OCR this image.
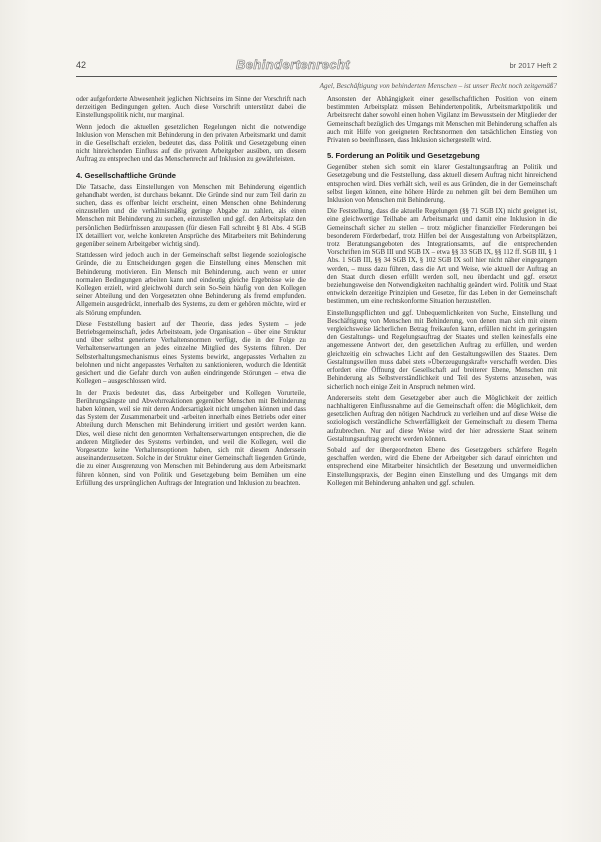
42	Behindertenrecht	br 2017 Heft 2
Agel, Beschäftigung von behinderten Menschen – ist unser Recht noch zeitgemäß?

oder aufgeforderte Abwesenheit jeglichen Nichtseins im Sinne der Vorschrift nach derzeitigen Bedingungen gelten. Auch diese Vorschrift unterstützt dabei die Einstellungspolitik nicht, nur marginal.

Wenn jedoch die aktuellen gesetzlichen Regelungen nicht die notwendige Inklusion von Menschen mit Behinderung in den privaten Arbeitsmarkt und damit in die Gesellschaft erzielen, bedeutet das, dass Politik und Gesetzgebung einen nicht hinreichenden Einfluss auf die privaten Arbeitgeber ausüben, um diesem Auftrag zu entsprechen und das Menschenrecht auf Inklusion zu gewährleisten.

4. Gesellschaftliche Gründe

Die Tatsache, dass Einstellungen von Menschen mit Behinderung eigentlich gehandhabt werden, ist durchaus bekannt. Die Gründe sind nur zum Teil darin zu suchen, dass es offenbar leicht erscheint, einen Menschen ohne Behinderung einzustellen und die verhältnismäßig geringe Abgabe zu zahlen, als einen Menschen mit Behinderung zu suchen, einzustellen und ggf. den Arbeitsplatz den persönlichen Bedürfnissen anzupassen (für diesen Fall schreibt § 81 Abs. 4 SGB IX detailliert vor, welche konkreten Ansprüche des Mitarbeiters mit Behinderung gegenüber seinem Arbeitgeber wichtig sind).

Stattdessen wird jedoch auch in der Gemeinschaft selbst liegende soziologische Gründe, die zu Entscheidungen gegen die Einstellung eines Menschen mit Behinderung motivieren. Ein Mensch mit Behinderung, auch wenn er unter normalen Bedingungen arbeiten kann und eindeutig gleiche Ergebnisse wie die Kollegen erzielt, wird gleichwohl durch sein So-Sein häufig von den Kollegen seiner Abteilung und den Vorgesetzten ohne Behinderung als fremd empfunden. Allgemein ausgedrückt, innerhalb des Systems, zu dem er gehören möchte, wird er als Störung empfunden.

Diese Feststellung basiert auf der Theorie, dass jedes System – jede Betriebsgemeinschaft, jedes Arbeitsteam, jede Organisation – über eine Struktur und über selbst generierte Verhaltensnormen verfügt, die in der Folge zu Verhaltenserwartungen an jedes einzelne Mitglied des Systems führen. Der Selbsterhaltungsmechanismus eines Systems bewirkt, angepasstes Verhalten zu belohnen und nicht angepasstes Verhalten zu sanktionieren, wodurch die Identität gesichert und die Gefahr durch von außen eindringende Störungen – etwa die Kollegen – ausgeschlossen wird.

In der Praxis bedeutet das, dass Arbeitgeber und Kollegen Vorurteile, Berührungsängste und Abwehrreaktionen gegenüber Menschen mit Behinderung haben können, weil sie mit deren Andersartigkeit nicht umgehen können und dass das System der Zusammenarbeit und -arbeiten innerhalb eines Betriebs oder einer Abteilung durch Menschen mit Behinderung irritiert und gestört werden kann. Dies, weil diese nicht den genormten Verhaltenserwartungen entsprechen, die die anderen Mitglieder des Systems verbinden, und weil die Kollegen, weil die Vorgesetzte keine Verhaltensoptionen haben, sich mit diesem Anderssein auseinanderzusetzen. Solche in der Struktur einer Gemeinschaft liegenden Gründe, die zu einer Ausgrenzung von Menschen mit Behinderung aus dem Arbeitsmarkt führen können, sind von Politik und Gesetzgebung beim Bemühen um eine Erfüllung des ursprünglichen Auftrags der Integration und Inklusion zu beachten.

Ansonsten der Abhängigkeit einer gesellschaftlichen Position von einem bestimmten Arbeitsplatz müssen Behindertenpolitik, Arbeitsmarktpolitik und Arbeitsrecht daher sowohl einen hohen Vigilanz im Bewusstsein der Mitglieder der Gemeinschaft bezüglich des Umgangs mit Menschen mit Behinderung schaffen als auch mit Hilfe von geeigneten Rechtsnormen den tatsächlichen Einstieg von Privaten so beeinflussen, dass Inklusion sichergestellt wird.

5. Forderung an Politik und Gesetzgebung

Gegenüber stehen sich somit ein klarer Gestaltungsauftrag an Politik und Gesetzgebung und die Feststellung, dass aktuell diesem Auftrag nicht hinreichend entsprochen wird. Dies verhält sich, weil es aus Gründen, die in der Gemeinschaft selbst liegen können, eine höhere Hürde zu nehmen gilt bei dem Bemühen um Inklusion von Menschen mit Behinderung.

Die Feststellung, dass die aktuelle Regelungen (§§ 71 SGB IX) nicht geeignet ist, eine gleichwertige Teilhabe am Arbeitsmarkt und damit eine Inklusion in die Gemeinschaft sicher zu stellen – trotz möglicher finanzieller Förderungen bei besonderem Förderbedarf, trotz Hilfen bei der Ausgestaltung von Arbeitsplätzen, trotz Beratungsangeboten des Integrationsamts, auf die entsprechenden Vorschriften im SGB III und SGB IX – etwa §§ 33 SGB IX, §§ 112 ff. SGB III, § 1 Abs. 1 SGB III, §§ 34 SGB IX, § 102 SGB IX soll hier nicht näher eingegangen werden, – muss dazu führen, dass die Art und Weise, wie aktuell der Auftrag an den Staat durch diesen erfüllt werden soll, neu überdacht und ggf. ersetzt beziehungsweise den Notwendigkeiten nachhaltig geändert wird. Politik und Staat entwickeln derzeitige Prinzipien und Gesetze, für das Leben in der Gemeinschaft bestimmen, um eine rechtskonforme Situation herzustellen.

Einstellungspflichten und ggf. Unbequemlichkeiten von Suche, Einstellung und Beschäftigung von Menschen mit Behinderung, von denen man sich mit einem vergleichsweise lächerlichen Betrag freikaufen kann, erfüllen nicht im geringsten den Gestaltungs- und Regelungsauftrag der Staates und stellen keinesfalls eine angemessene Antwort der, den gesetzlichen Auftrag zu erfüllen, und werden gleichzeitig ein schwaches Licht auf den Gestaltungswillen des Staates. Dem Gestaltungswillen muss dabei stets »Überzeugungskraft« verschafft werden. Dies erfordert eine Öffnung der Gesellschaft auf breiterer Ebene, Menschen mit Behinderung als Selbstverständlichkeit und Teil des Systems anzusehen, was sicherlich noch einige Zeit in Anspruch nehmen wird.

Andererseits steht dem Gesetzgeber aber auch die Möglichkeit der zeitlich nachhaltigeren Einflussnahme auf die Gemeinschaft offen: die Möglichkeit, dem gesetzlichen Auftrag den nötigen Nachdruck zu verleihen und auf diese Weise die soziologisch verständliche Schwerfälligkeit der Gemeinschaft zu diesem Thema aufzubrechen. Nur auf diese Weise wird der hier adressierte Staat seinem Gestaltungsauftrag gerecht werden können.

Sobald auf der übergeordneten Ebene des Gesetzgebers schärfere Regeln geschaffen werden, wird die Ebene der Arbeitgeber sich darauf einrichten und entsprechend eine Mitarbeiter hinsichtlich der Besetzung und unvermeidlichen Einstellungspraxis, der Beginn einen Einstellung und des Umgangs mit dem Kollegen mit Behinderung anhalten und ggf. schulen.
